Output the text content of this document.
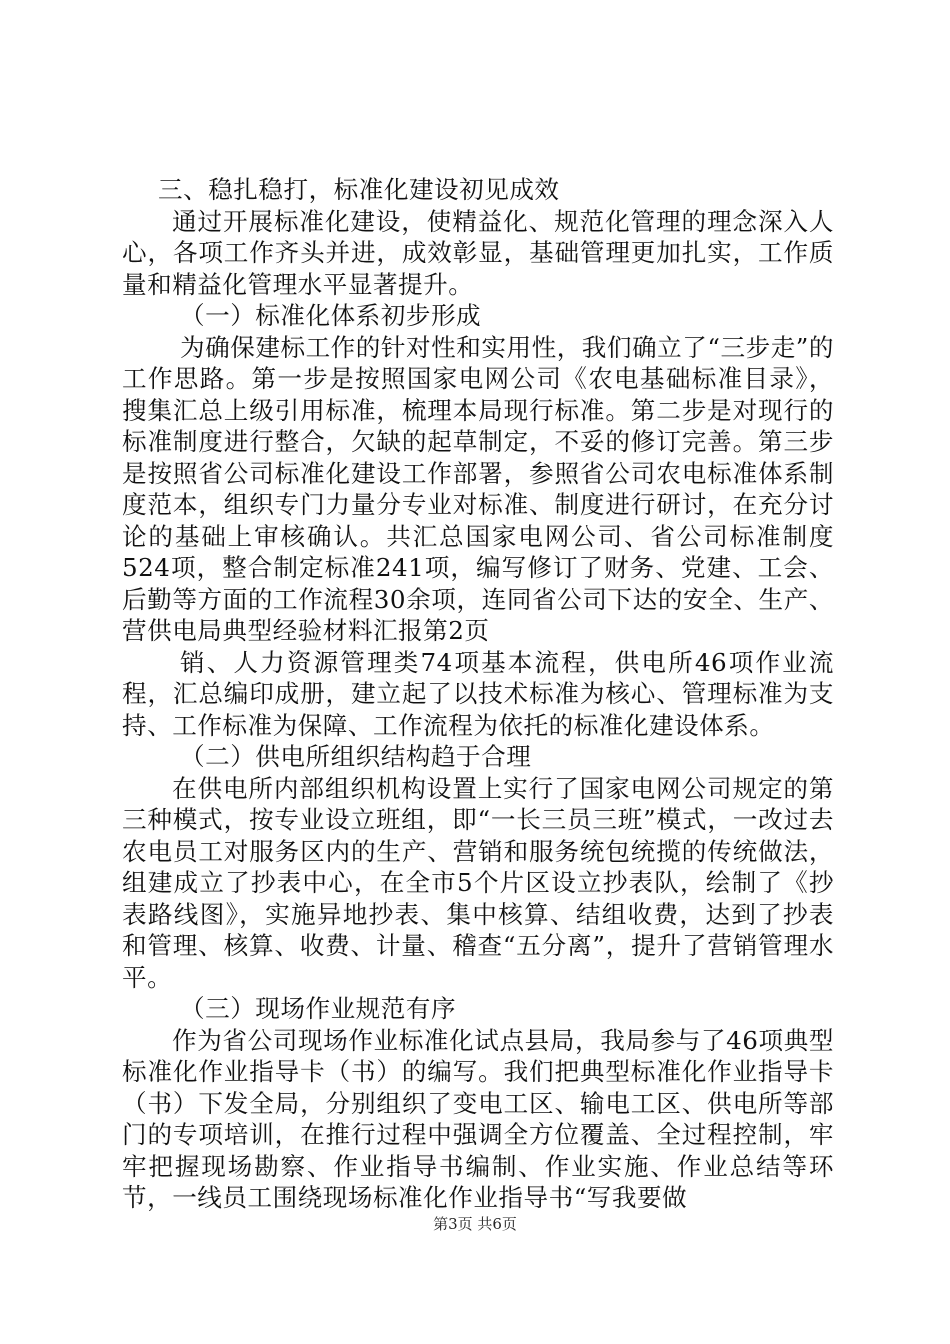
三、稳扎稳打，标准化建设初见成效

通过开展标准化建设，使精益化、规范化管理的理念深入人心，各项工作齐头并进，成效彰显，基础管理更加扎实，工作质量和精益化管理水平显著提升。

（一）标准化体系初步形成

为确保建标工作的针对性和实用性，我们确立了“三步走”的工作思路。第一步是按照国家电网公司《农电基础标准目录》，搜集汇总上级引用标准，梳理本局现行标准。第二步是对现行的标准制度进行整合，欠缺的起草制定，不妥的修订完善。第三步是按照省公司标准化建设工作部署，参照省公司农电标准体系制度范本，组织专门力量分专业对标准、制度进行研讨，在充分讨论的基础上审核确认。共汇总国家电网公司、省公司标准制度524项，整合制定标准241项，编写修订了财务、党建、工会、后勤等方面的工作流程30余项，连同省公司下达的安全、生产、营供电局典型经验材料汇报第2页

销、人力资源管理类74项基本流程，供电所46项作业流程，汇总编印成册，建立起了以技术标准为核心、管理标准为支持、工作标准为保障、工作流程为依托的标准化建设体系。

（二）供电所组织结构趋于合理

在供电所内部组织机构设置上实行了国家电网公司规定的第三种模式，按专业设立班组，即“一长三员三班”模式，一改过去农电员工对服务区内的生产、营销和服务统包统揽的传统做法，组建成立了抄表中心，在全市5个片区设立抄表队，绘制了《抄表路线图》，实施异地抄表、集中核算、结组收费，达到了抄表和管理、核算、收费、计量、稽查“五分离”，提升了营销管理水平。

（三）现场作业规范有序

作为省公司现场作业标准化试点县局，我局参与了46项典型标准化作业指导卡（书）的编写。我们把典型标准化作业指导卡（书）下发全局，分别组织了变电工区、输电工区、供电所等部门的专项培训，在推行过程中强调全方位覆盖、全过程控制，牢牢把握现场勘察、作业指导书编制、作业实施、作业总结等环节，一线员工围绕现场标准化作业指导书“写我要做

第3页 共6页
